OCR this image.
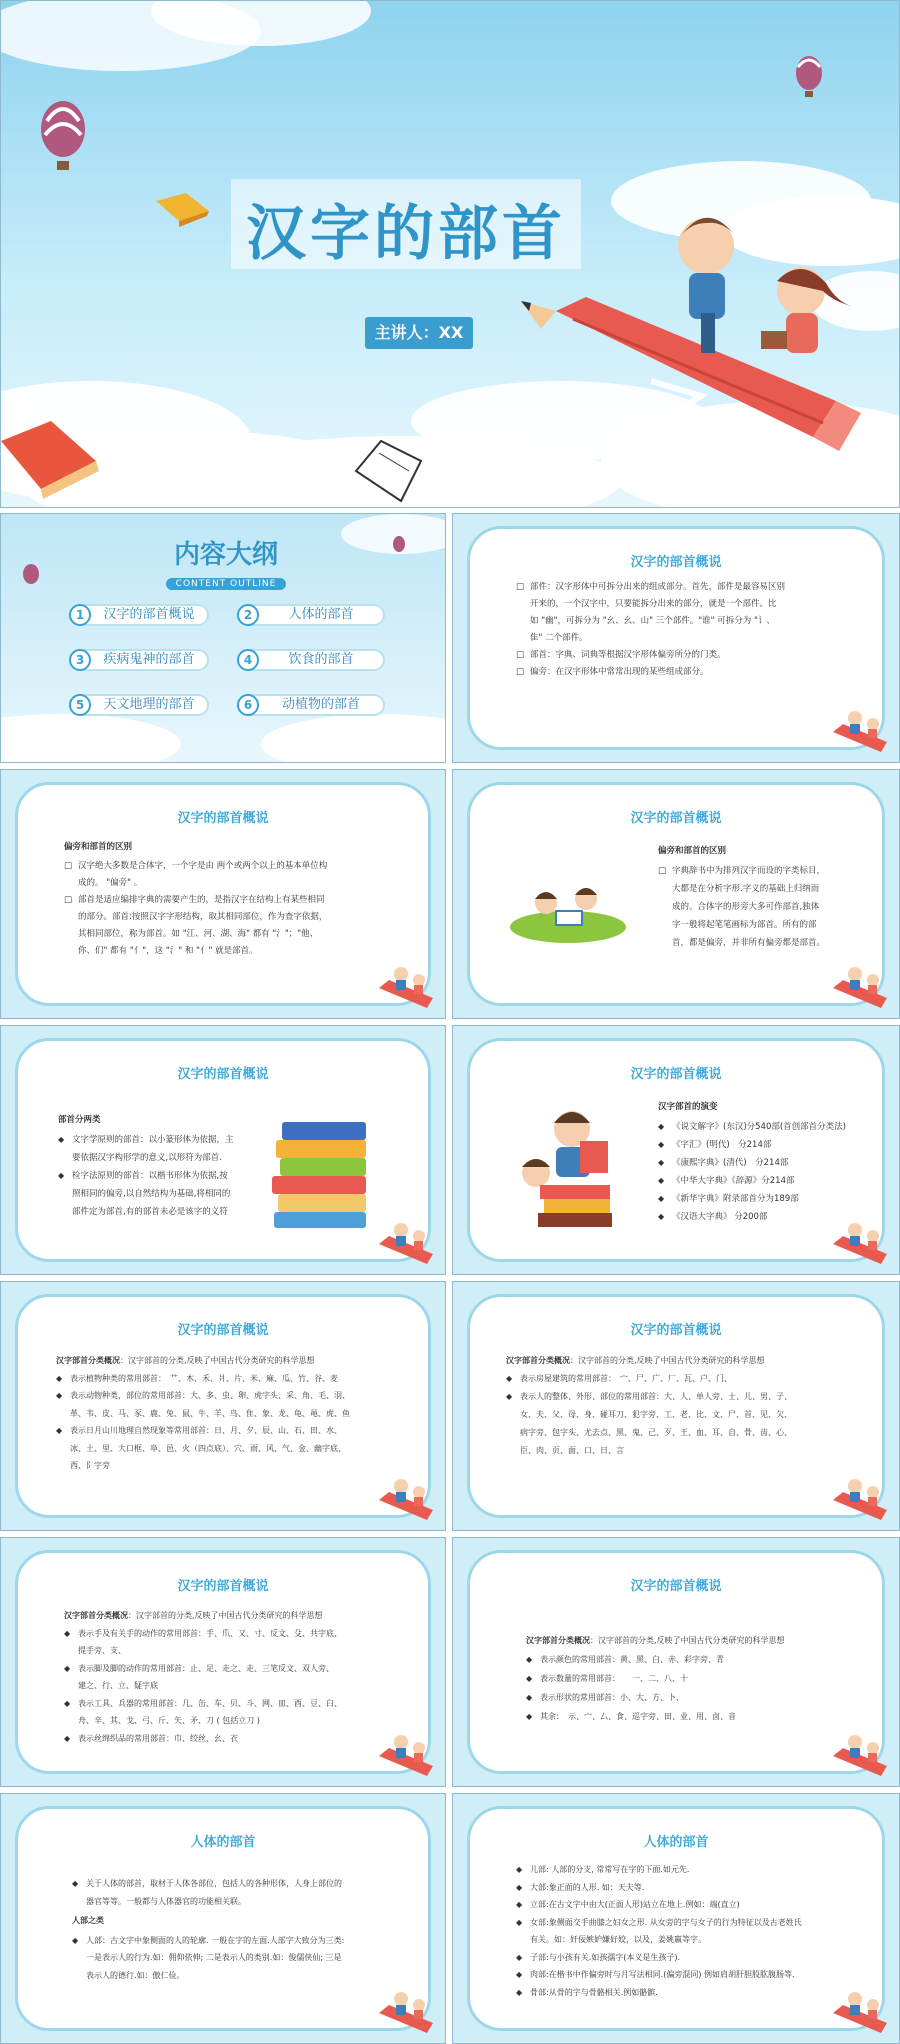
汉字的部首
主讲人：XX
内容大纲
CONTENT OUTLINE
1	汉字的部首概说	2	人体的部首
3	疾病鬼神的部首	4	饮食的部首
5	天文地理的部首	6	动植物的部首
汉字的部首概说
□ 部件：汉字形体中可拆分出来的组成部分。首先，部件是最容易区别
开来的，一个汉字中，只要能拆分出来的部分，就是一个部件。比
如 "幽"，可拆分为 "幺、幺、山" 三个部件。"谁" 可拆分为 "讠、
隹" 二个部件。
□ 部首：字典、词典等根据汉字形体偏旁所分的门类。
□ 偏旁：在汉字形体中常常出现的某些组成部分。
汉字的部首概说
偏旁和部首的区别
□ 汉字绝大多数是合体字，一个字是由 两个或两个以上的基本单位构
成的。 "偏旁" 。
□ 部首是适应编排字典的需要产生的，是指汉字在结构上有某些相同
的部分。部首:按照汉字字形结构，取其相同部位，作为查字依据，
其相同部位，称为部首。如 "江、河、湖、海" 都有 "氵"；"他、
你、们" 都有 "亻"，这 "氵" 和 "亻" 就是部首。
汉字的部首概说
偏旁和部首的区别
□ 字典辞书中为排列汉字而设的字类标目，
大都是在分析字形.字义的基础上归纳而
成的。合体字的形旁大多可作部首,独体
字一般将起笔笔画标为部首。所有的部
首，都是偏旁，并非所有偏旁都是部首。
汉字的部首概说
部首分两类
◆ 文字学原则的部首：以小篆形体为依据，主
要依据汉字构形学的意义,以形符为部首.
◆ 检字法原则的部首：以楷书形体为依据,按
照相同的偏旁,以自然结构为基础,将相同的
部件定为部首,有的部首未必是该字的义符
汉字的部首概说
汉字部首的演变
◆ 《说文解字》(东汉)分540部(首创部首分类法)
◆ 《字汇》(明代)　分214部
◆ 《康熙字典》(清代)　分214部
◆ 《中华大字典》《辞源》分214部
◆ 《新华字典》附录部首分为189部
◆ 《汉语大字典》 分200部
汉字的部首概说
汉字部首分类概况：汉字部首的分类,反映了中国古代分类研究的科学思想
◆ 表示植物种类的常用部首：　艹、木、禾、爿、片、米、麻、瓜、竹、谷、麦
◆ 表示动物种类，部位的常用部首：大、多、虫、卵、虎字头、采、角、毛、羽、
革、韦、皮、马、豕、鹿、兔、鼠、牛、羊、鸟、隹、象、龙、龟、黾、虎、鱼
◆ 表示日月山川地理自然现象等常用部首：日、月、夕、辰、山、石、田、水、
冰、土、里、大口框、阜、邑、火（四点底）、穴、雨、风、气、金、幽字底、
西、阝字旁
汉字的部首概说
汉字部首分类概况：汉字部首的分类,反映了中国古代分类研究的科学思想
◆ 表示房屋建筑的常用部首：　宀、尸、广、厂、瓦、户、门、
◆ 表示人的整体、外形、部位的常用部首：大、人、单人旁、士、儿、男、子、
女、夫、父、母、身、碰耳刀、犯字旁、工、老、比、文、尸、首、见、欠、
病字旁、包字头、尤去点、黑、鬼、己、歹、王、血、耳、自、骨、齿、心、
臣、肉、页、面、口、日、言
汉字的部首概说
汉字部首分类概况：汉字部首的分类,反映了中国古代分类研究的科学思想
◆ 表示手及有关手的动作的常用部首：手、爪、又、寸、反文、殳、共字底、
提手旁、支、
◆ 表示脚及脚的动作的常用部首：止、足、走之、走、三笔反文、双人旁、
建之、行、立、疑字底
◆ 表示工具、兵器的常用部首：几、缶、车、贝、斗、网、皿、酉、豆、臼、
舟、辛、其、戈、弓、斤、矢、矛、刀 ( 包括立刀 )
◆ 表示丝绵织品的常用部首：巾、绞丝、幺、衣
汉字的部首概说
汉字部首分类概况：汉字部首的分类,反映了中国古代分类研究的科学思想
◆ 表示颜色的常用部首：黄、黑、白、赤、彩字旁、青
◆ 表示数量的常用部首：　　一、二、八、十
◆ 表示形状的常用部首：小、大、方、卜、
◆ 其余：　示、宀、厶、食、巡字旁、田、业、用、卤、音
人体的部首
◆ 关于人体的部首，取材于人体各部位，包括人的各种形体，人身上部位的
器官等等。一般都与人体器官的功能相关联。
人部之类
◆ 人部：古文字中象侧面的人的轮廓. 一般在字的左面.人部字大致分为三类:
一是表示人的行为.如：佣仰依伸; 二是表示人的类别.如：俊儒侠仙; 三是
表示人的德行.如：傲仁俭。
人体的部首
◆ 儿部: 人部的分支, 常常写在字的下面.如元先.
◆ 大部:象正面的人形. 如：天夫等.
◆ 立部:在古文字中由大(正面人形)站立在地上.例如：端(直立)
◆ 女部:象侧面交手曲膝之妇女之形. 从女旁的字与女子的行为特征以及古老姓氏
有关。如：奸佞嫉妒嫌好姣，以及，姜姚嬴等字。
◆ 子部:与小孩有关.如孩孺字(本义是生孩子).
◆ 肉部:在楷书中作偏旁时与月写法相同.(偏旁混同) 例如肩胡肝胆股肱腹肠等.
◆ 骨部:从骨的字与骨骼相关.例如骼髌.
